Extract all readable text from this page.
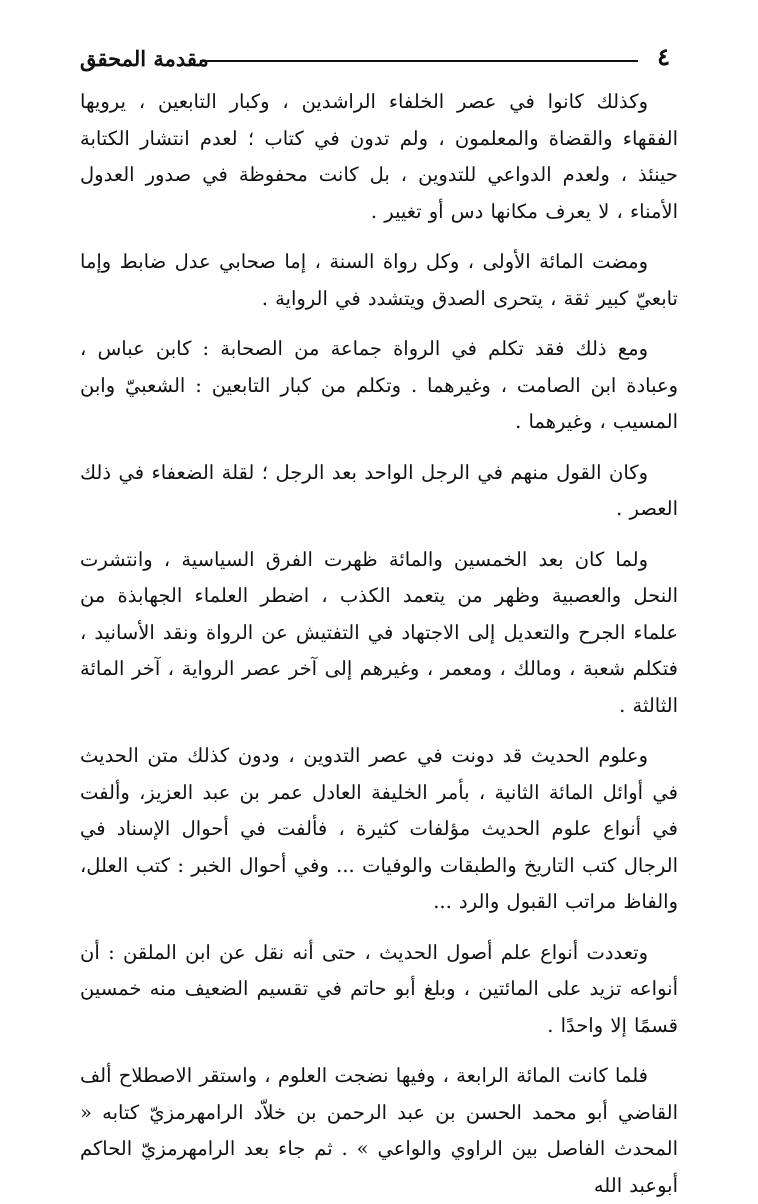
مقدمة المحقق	٤

وكذلك كانوا في عصر الخلفاء الراشدين ، وكبار التابعين ، يرويها الفقهاء والقضاة والمعلمون ، ولم تدون في كتاب ؛ لعدم انتشار الكتابة حينئذ ، ولعدم الدواعي للتدوين ، بل كانت محفوظة في صدور العدول الأمناء ، لا يعرف مكانها دس أو تغيير .

ومضت المائة الأولى ، وكل رواة السنة ، إما صحابي عدل ضابط وإما تابعيّ كبير ثقة ، يتحرى الصدق ويتشدد في الرواية .

ومع ذلك فقد تكلم في الرواة جماعة من الصحابة : كابن عباس ، وعبادة ابن الصامت ، وغيرهما . وتكلم من كبار التابعين : الشعبيّ وابن المسيب ، وغيرهما .

وكان القول منهم في الرجل الواحد بعد الرجل ؛ لقلة الضعفاء في ذلك العصر .

ولما كان بعد الخمسين والمائة ظهرت الفرق السياسية ، وانتشرت النحل والعصبية وظهر من يتعمد الكذب ، اضطر العلماء الجهابذة من علماء الجرح والتعديل إلى الاجتهاد في التفتيش عن الرواة ونقد الأسانيد ، فتكلم شعبة ، ومالك ، ومعمر ، وغيرهم إلى آخر عصر الرواية ، آخر المائة الثالثة .

وعلوم الحديث قد دونت في عصر التدوين ، ودون كذلك متن الحديث في أوائل المائة الثانية ، بأمر الخليفة العادل عمر بن عبد العزيز، وألفت في أنواع علوم الحديث مؤلفات كثيرة ، فألفت في أحوال الإسناد في الرجال كتب التاريخ والطبقات والوفيات ... وفي أحوال الخبر : كتب العلل، والفاظ مراتب القبول والرد ...

وتعددت أنواع علم أصول الحديث ، حتى أنه نقل عن ابن الملقن : أن أنواعه تزيد على المائتين ، وبلغ أبو حاتم في تقسيم الضعيف منه خمسين قسمًا إلا واحدًا .

فلما كانت المائة الرابعة ، وفيها نضجت العلوم ، واستقر الاصطلاح ألف القاضي أبو محمد الحسن بن عبد الرحمن بن خلاّد الرامهرمزيّ كتابه « المحدث الفاصل بين الراوي والواعي » . ثم جاء بعد الرامهرمزيّ الحاكم أبوعبد الله
